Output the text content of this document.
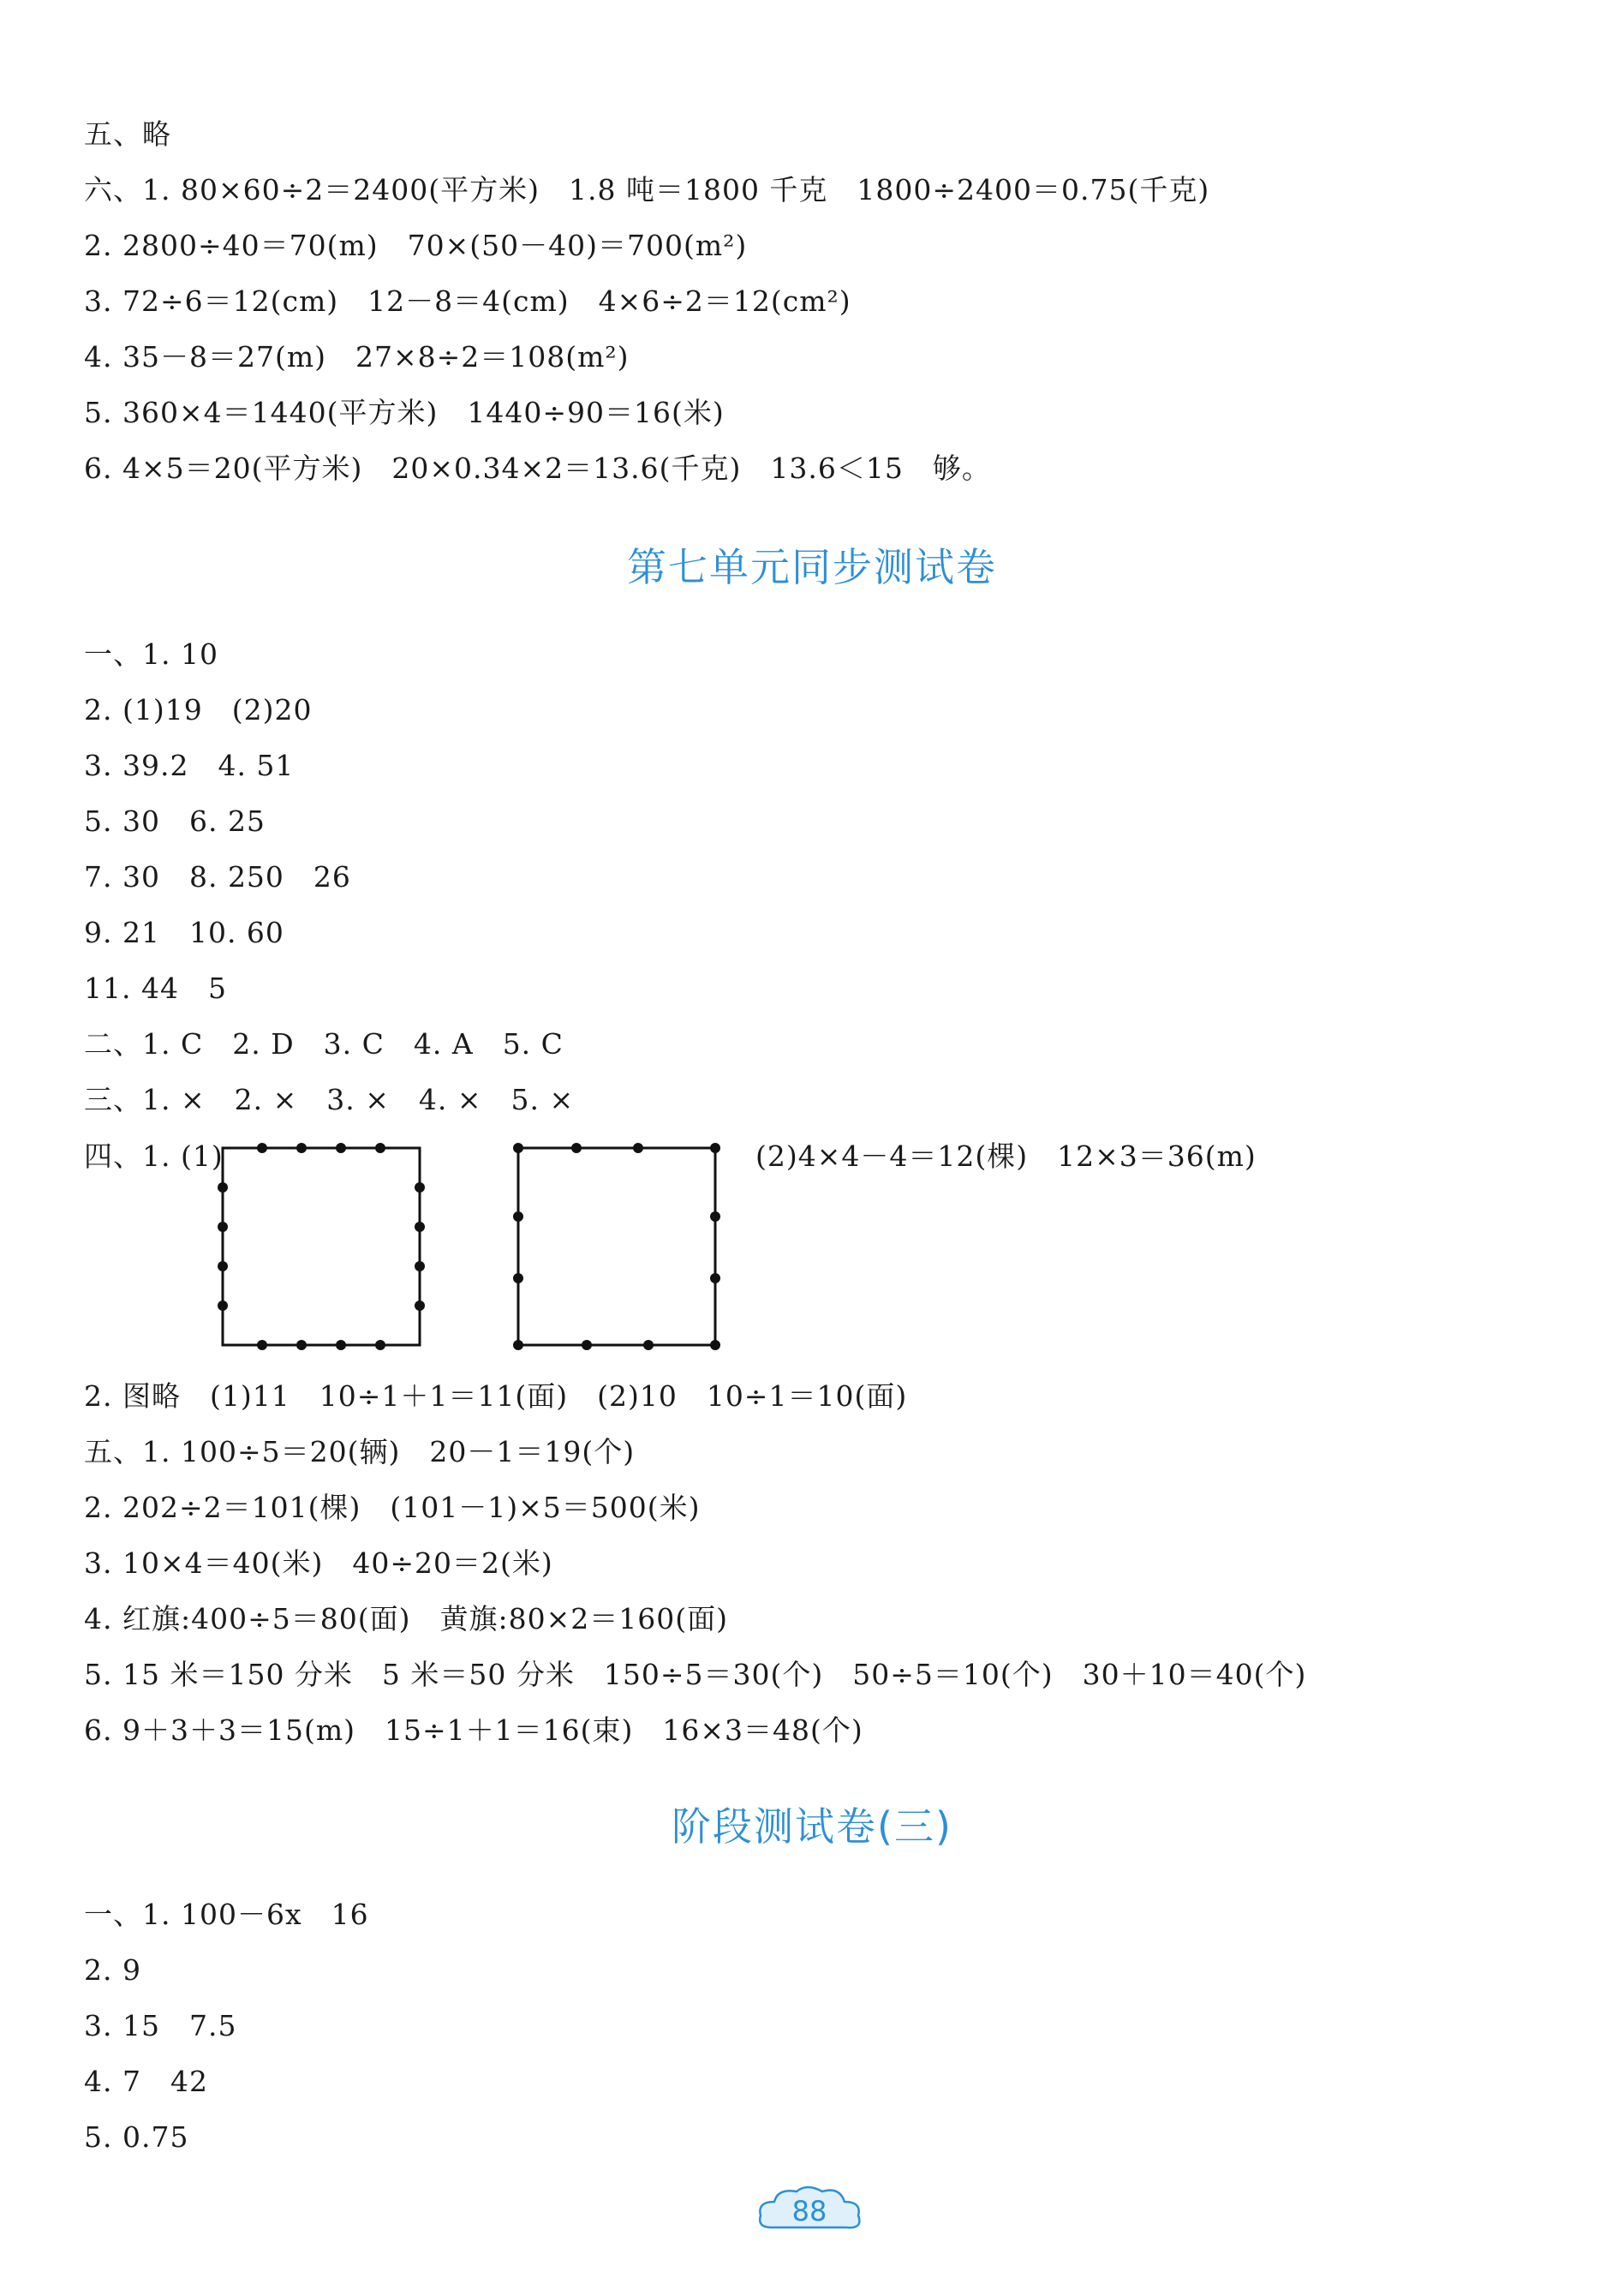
五、略
六、1. 80×60÷2＝2400(平方米)　1.8 吨＝1800 千克　1800÷2400＝0.75(千克)
2. 2800÷40＝70(m)　70×(50－40)＝700(m²)
3. 72÷6＝12(cm)　12－8＝4(cm)　4×6÷2＝12(cm²)
4. 35－8＝27(m)　27×8÷2＝108(m²)
5. 360×4＝1440(平方米)　1440÷90＝16(米)
6. 4×5＝20(平方米)　20×0.34×2＝13.6(千克)　13.6＜15　够。
第七单元同步测试卷
一、1. 10
2. (1)19　(2)20
3. 39.2　4. 51
5. 30　6. 25
7. 30　8. 250　26
9. 21　10. 60
11. 44　5
二、1. C　2. D　3. C　4. A　5. C
三、1. ×　2. ×　3. ×　4. ×　5. ×
四、1. (1)	(2)4×4－4＝12(棵)　12×3＝36(m)
2. 图略　(1)11　10÷1＋1＝11(面)　(2)10　10÷1＝10(面)
五、1. 100÷5＝20(辆)　20－1＝19(个)
2. 202÷2＝101(棵)　(101－1)×5＝500(米)
3. 10×4＝40(米)　40÷20＝2(米)
4. 红旗:400÷5＝80(面)　黄旗:80×2＝160(面)
5. 15 米＝150 分米　5 米＝50 分米　150÷5＝30(个)　50÷5＝10(个)　30＋10＝40(个)
6. 9＋3＋3＝15(m)　15÷1＋1＝16(束)　16×3＝48(个)
阶段测试卷(三)
一、1. 100－6x　16
2. 9
3. 15　7.5
4. 7　42
5. 0.75
88
